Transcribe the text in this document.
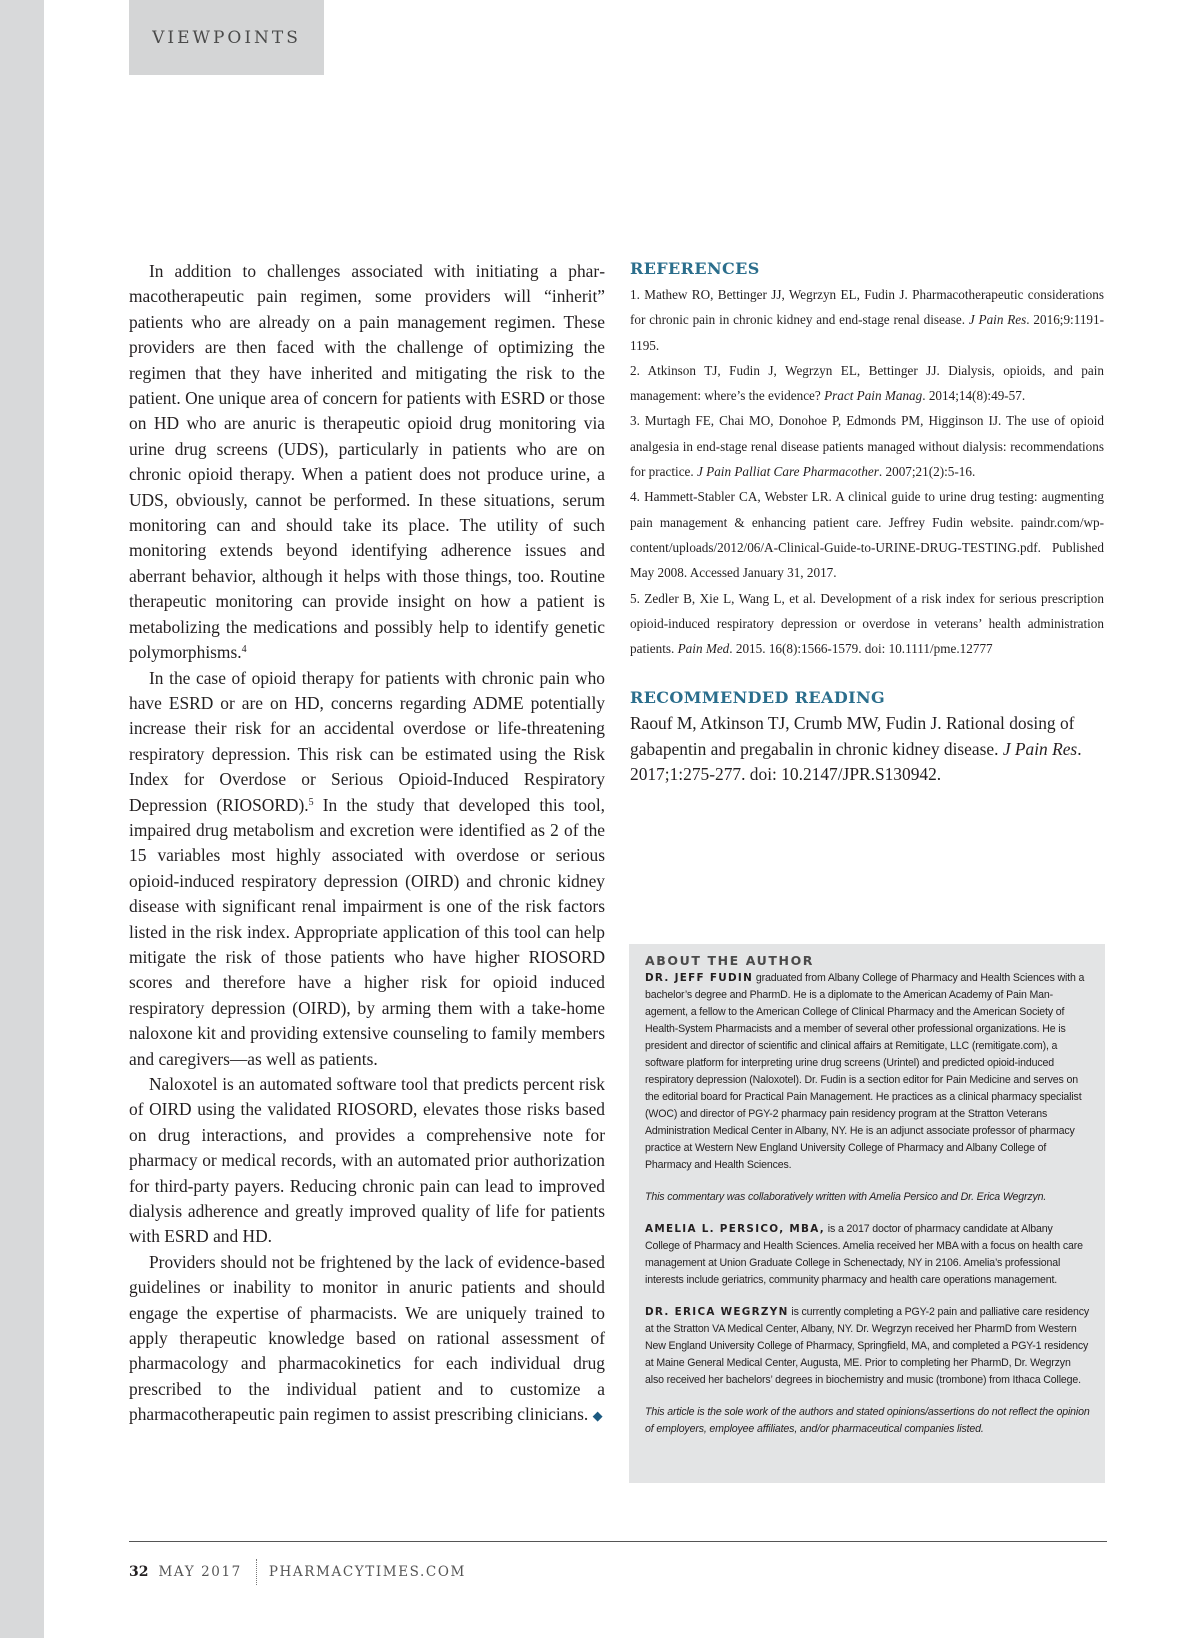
VIEWPOINTS

In addition to challenges associated with initiating a pharmacotherapeutic pain regimen, some providers will “inherit” patients who are already on a pain management regimen. These providers are then faced with the challenge of optimizing the regimen that they have inherited and mitigating the risk to the patient. One unique area of concern for patients with ESRD or those on HD who are anuric is therapeutic opioid drug monitoring via urine drug screens (UDS), particularly in patients who are on chronic opioid therapy. When a patient does not produce urine, a UDS, obviously, cannot be performed. In these situations, serum monitoring can and should take its place. The utility of such monitoring extends beyond identifying adherence issues and aberrant behavior, although it helps with those things, too. Routine therapeutic monitoring can provide insight on how a patient is metabolizing the medications and possibly help to identify genetic polymorphisms.$^4$

In the case of opioid therapy for patients with chronic pain who have ESRD or are on HD, concerns regarding ADME potentially increase their risk for an accidental overdose or life-threatening respiratory depression. This risk can be estimated using the Risk Index for Overdose or Serious Opioid-Induced Respiratory Depression (RIOSORD).$^5$ In the study that developed this tool, impaired drug metabolism and excretion were identified as 2 of the 15 variables most highly associated with overdose or serious opioid-induced respiratory depression (OIRD) and chronic kidney disease with significant renal impairment is one of the risk factors listed in the risk index. Appropriate application of this tool can help mitigate the risk of those patients who have higher RIOSORD scores and therefore have a higher risk for opioid induced respiratory depression (OIRD), by arming them with a take-home naloxone kit and providing extensive counseling to family members and caregivers—as well as patients.

Naloxotel is an automated software tool that predicts percent risk of OIRD using the validated RIOSORD, elevates those risks based on drug interactions, and provides a comprehensive note for pharmacy or medical records, with an automated prior authorization for third-party payers. Reducing chronic pain can lead to improved dialysis adherence and greatly improved quality of life for patients with ESRD and HD.

Providers should not be frightened by the lack of evidence-based guidelines or inability to monitor in anuric patients and should engage the expertise of pharmacists. We are uniquely trained to apply therapeutic knowledge based on rational assessment of pharmacology and pharmacokinetics for each individual drug prescribed to the individual patient and to customize a pharmacotherapeutic pain regimen to assist prescribing clinicians. ◆

REFERENCES
1. Mathew RO, Bettinger JJ, Wegrzyn EL, Fudin J. Pharmacotherapeutic considerations for chronic pain in chronic kidney and end-stage renal disease. J Pain Res. 2016;9:1191-1195.
2. Atkinson TJ, Fudin J, Wegrzyn EL, Bettinger JJ. Dialysis, opioids, and pain management: where’s the evidence? Pract Pain Manag. 2014;14(8):49-57.
3. Murtagh FE, Chai MO, Donohoe P, Edmonds PM, Higginson IJ. The use of opioid analgesia in end-stage renal disease patients managed without dialysis: recommendations for practice. J Pain Palliat Care Pharmacother. 2007;21(2):5-16.
4. Hammett-Stabler CA, Webster LR. A clinical guide to urine drug testing: augmenting pain management & enhancing patient care. Jeffrey Fudin website. paindr.com/wp-content/uploads/2012/06/A-Clinical-Guide-to-URINE-DRUG-TESTING.pdf. Published May 2008. Accessed January 31, 2017.
5. Zedler B, Xie L, Wang L, et al. Development of a risk index for serious prescription opioid-induced respiratory depression or overdose in veterans’ health administration patients. Pain Med. 2015. 16(8):1566-1579. doi: 10.1111/pme.12777
RECOMMENDED READING
Raouf M, Atkinson TJ, Crumb MW, Fudin J. Rational dosing of gabapentin and pregabalin in chronic kidney disease. J Pain Res. 2017;1:275-277. doi: 10.2147/JPR.S130942.
ABOUT THE AUTHOR

DR. JEFF FUDIN graduated from Albany College of Pharmacy and Health Sciences with a bachelor’s degree and PharmD. He is a diplomate to the American Academy of Pain Management, a fellow to the American College of Clinical Pharmacy and the American Society of Health-System Pharmacists and a member of several other professional organizations. He is president and director of scientific and clinical affairs at Remitigate, LLC (remitigate.com), a software platform for interpreting urine drug screens (Urintel) and predicted opioid-induced respiratory depression (Naloxotel). Dr. Fudin is a section editor for Pain Medicine and serves on the editorial board for Practical Pain Management. He practices as a clinical pharmacy specialist (WOC) and director of PGY-2 pharmacy pain residency program at the Stratton Veterans Administration Medical Center in Albany, NY. He is an adjunct associate professor of pharmacy practice at Western New England University College of Pharmacy and Albany College of Pharmacy and Health Sciences.

This commentary was collaboratively written with Amelia Persico and Dr. Erica Wegrzyn.

AMELIA L. PERSICO, MBA, is a 2017 doctor of pharmacy candidate at Albany College of Pharmacy and Health Sciences. Amelia received her MBA with a focus on health care management at Union Graduate College in Schenectady, NY in 2106. Amelia’s professional interests include geriatrics, community pharmacy and health care operations management.

DR. ERICA WEGRZYN is currently completing a PGY-2 pain and palliative care residency at the Stratton VA Medical Center, Albany, NY. Dr. Wegrzyn received her PharmD from Western New England University College of Pharmacy, Springfield, MA, and completed a PGY-1 residency at Maine General Medical Center, Augusta, ME. Prior to completing her PharmD, Dr. Wegrzyn also received her bachelors’ degrees in biochemistry and music (trombone) from Ithaca College.

This article is the sole work of the authors and stated opinions/assertions do not reflect the opinion of employers, employee affiliates, and/or pharmaceutical companies listed.

32 MAY 2017 PHARMACYTIMES.COM
